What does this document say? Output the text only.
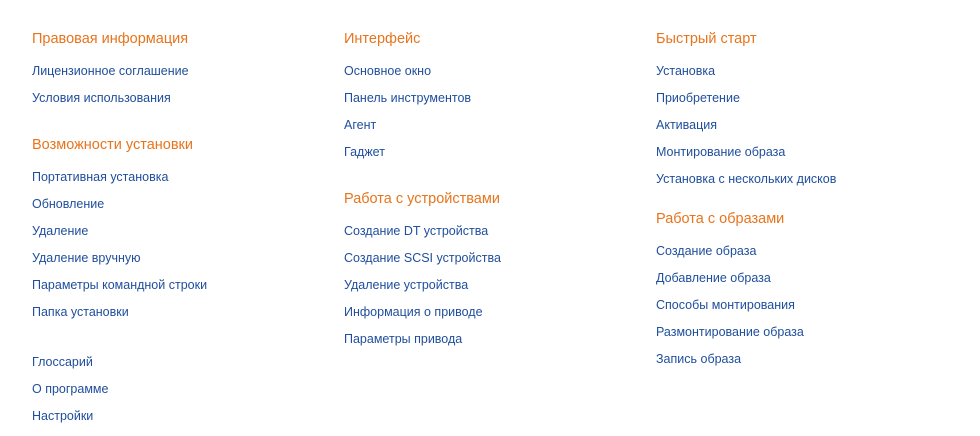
Правовая информация
Лицензионное соглашение
Условия использования
Возможности установки
Портативная установка
Обновление
Удаление
Удаление вручную
Параметры командной строки
Папка установки
Глоссарий
О программе
Настройки
Интерфейс
Основное окно
Панель инструментов
Агент
Гаджет
Работа с устройствами
Создание DT устройства
Создание SCSI устройства
Удаление устройства
Информация о приводе
Параметры привода
Быстрый старт
Установка
Приобретение
Активация
Монтирование образа
Установка с нескольких дисков
Работа с образами
Создание образа
Добавление образа
Способы монтирования
Размонтирование образа
Запись образа
